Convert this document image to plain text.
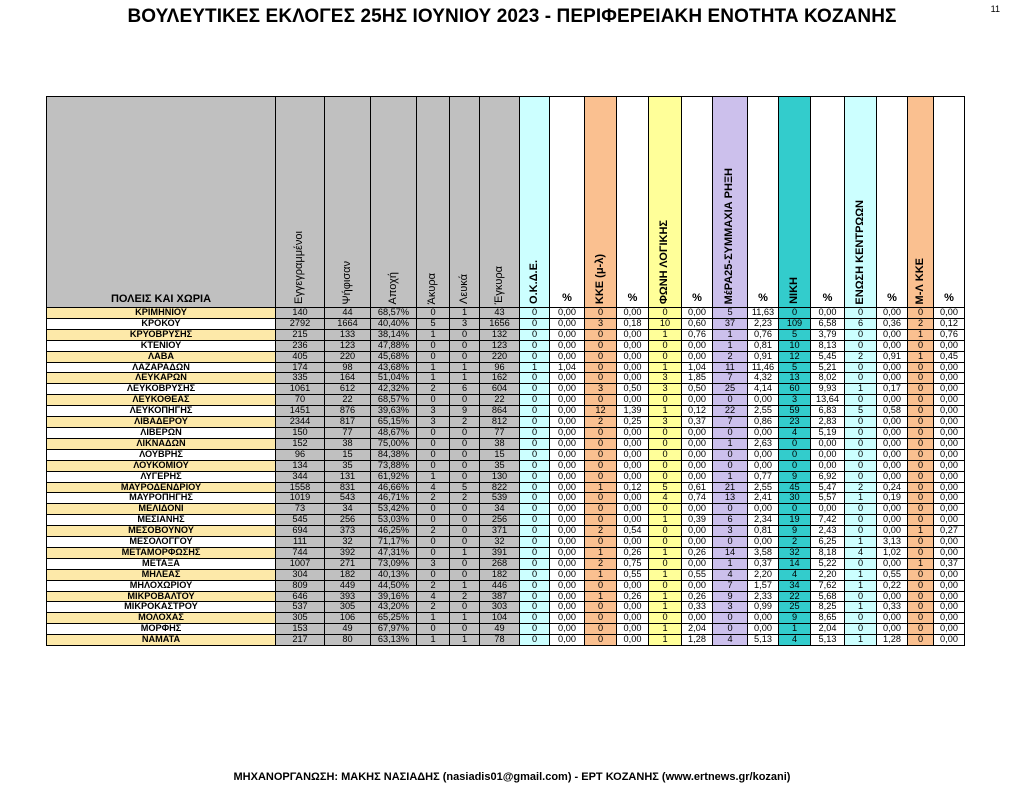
ΒΟΥΛΕΥΤΙΚΕΣ ΕΚΛΟΓΕΣ 25ΗΣ ΙΟΥΝΙΟΥ 2023 - ΠΕΡΙΦΕΡΕΙΑΚΗ ΕΝΟΤΗΤΑ ΚΟΖΑΝΗΣ	11
ΠΟΛΕΙΣ ΚΑΙ ΧΩΡΙΑ	Εγγεγραμμένοι	Ψήφισαν	Αποχή	Άκυρα	Λευκά	Έγκυρα	Ο.Κ.Δ.Ε.	%	ΚΚΕ (μ-λ)	%	ΦΩΝΗ ΛΟΓΙΚΗΣ	%	ΜέΡΑ25-ΣΥΜΜΑΧΙΑ ΡΗΞΗ	%	ΝΙΚΗ	%	ΕΝΩΣΗ ΚΕΝΤΡΩΩΝ	%	Μ-Λ ΚΚΕ	%
ΚΡΙΜΗΝΙΟΥ	140	44	68,57%	0	1	43	0	0,00	0	0,00	0	0,00	5	11,63	0	0,00	0	0,00	0	0,00
ΚΡΟΚΟΥ	2792	1664	40,40%	5	3	1656	0	0,00	3	0,18	10	0,60	37	2,23	109	6,58	6	0,36	2	0,12
ΚΡΥΟΒΡΥΣΗΣ	215	133	38,14%	1	0	132	0	0,00	0	0,00	1	0,76	1	0,76	5	3,79	0	0,00	1	0,76
ΚΤΕΝΙΟΥ	236	123	47,88%	0	0	123	0	0,00	0	0,00	0	0,00	1	0,81	10	8,13	0	0,00	0	0,00
ΛΑΒΑ	405	220	45,68%	0	0	220	0	0,00	0	0,00	0	0,00	2	0,91	12	5,45	2	0,91	1	0,45
ΛΑΖΑΡΑΔΩΝ	174	98	43,68%	1	1	96	1	1,04	0	0,00	1	1,04	11	11,46	5	5,21	0	0,00	0	0,00
ΛΕΥΚΑΡΩΝ	335	164	51,04%	1	1	162	0	0,00	0	0,00	3	1,85	7	4,32	13	8,02	0	0,00	0	0,00
ΛΕΥΚΟΒΡΥΣΗΣ	1061	612	42,32%	2	6	604	0	0,00	3	0,50	3	0,50	25	4,14	60	9,93	1	0,17	0	0,00
ΛΕΥΚΟΘΕΑΣ	70	22	68,57%	0	0	22	0	0,00	0	0,00	0	0,00	0	0,00	3	13,64	0	0,00	0	0,00
ΛΕΥΚΟΠΗΓΗΣ	1451	876	39,63%	3	9	864	0	0,00	12	1,39	1	0,12	22	2,55	59	6,83	5	0,58	0	0,00
ΛΙΒΑΔΕΡΟΥ	2344	817	65,15%	3	2	812	0	0,00	2	0,25	3	0,37	7	0,86	23	2,83	0	0,00	0	0,00
ΛΙΒΕΡΩΝ	150	77	48,67%	0	0	77	0	0,00	0	0,00	0	0,00	0	0,00	4	5,19	0	0,00	0	0,00
ΛΙΚΝΑΔΩΝ	152	38	75,00%	0	0	38	0	0,00	0	0,00	0	0,00	1	2,63	0	0,00	0	0,00	0	0,00
ΛΟΥΒΡΗΣ	96	15	84,38%	0	0	15	0	0,00	0	0,00	0	0,00	0	0,00	0	0,00	0	0,00	0	0,00
ΛΟΥΚΟΜΙΟΥ	134	35	73,88%	0	0	35	0	0,00	0	0,00	0	0,00	0	0,00	0	0,00	0	0,00	0	0,00
ΛΥΓΕΡΗΣ	344	131	61,92%	1	0	130	0	0,00	0	0,00	0	0,00	1	0,77	9	6,92	0	0,00	0	0,00
ΜΑΥΡΟΔΕΝΔΡΙΟΥ	1558	831	46,66%	4	5	822	0	0,00	1	0,12	5	0,61	21	2,55	45	5,47	2	0,24	0	0,00
ΜΑΥΡΟΠΗΓΗΣ	1019	543	46,71%	2	2	539	0	0,00	0	0,00	4	0,74	13	2,41	30	5,57	1	0,19	0	0,00
ΜΕΛΙΔΟΝΙ	73	34	53,42%	0	0	34	0	0,00	0	0,00	0	0,00	0	0,00	0	0,00	0	0,00	0	0,00
ΜΕΣΙΑΝΗΣ	545	256	53,03%	0	0	256	0	0,00	0	0,00	1	0,39	6	2,34	19	7,42	0	0,00	0	0,00
ΜΕΣΟΒΟΥΝΟΥ	694	373	46,25%	2	0	371	0	0,00	2	0,54	0	0,00	3	0,81	9	2,43	0	0,00	1	0,27
ΜΕΣΟΛΟΓΓΟΥ	111	32	71,17%	0	0	32	0	0,00	0	0,00	0	0,00	0	0,00	2	6,25	1	3,13	0	0,00
ΜΕΤΑΜΟΡΦΩΣΗΣ	744	392	47,31%	0	1	391	0	0,00	1	0,26	1	0,26	14	3,58	32	8,18	4	1,02	0	0,00
ΜΕΤΑΞΑ	1007	271	73,09%	3	0	268	0	0,00	2	0,75	0	0,00	1	0,37	14	5,22	0	0,00	1	0,37
ΜΗΛΕΑΣ	304	182	40,13%	0	0	182	0	0,00	1	0,55	1	0,55	4	2,20	4	2,20	1	0,55	0	0,00
ΜΗΛΟΧΩΡΙΟΥ	809	449	44,50%	2	1	446	0	0,00	0	0,00	0	0,00	7	1,57	34	7,62	1	0,22	0	0,00
ΜΙΚΡΟΒΑΛΤΟΥ	646	393	39,16%	4	2	387	0	0,00	1	0,26	1	0,26	9	2,33	22	5,68	0	0,00	0	0,00
ΜΙΚΡΟΚΑΣΤΡΟΥ	537	305	43,20%	2	0	303	0	0,00	0	0,00	1	0,33	3	0,99	25	8,25	1	0,33	0	0,00
ΜΟΛΟΧΑΣ	305	106	65,25%	1	1	104	0	0,00	0	0,00	0	0,00	0	0,00	9	8,65	0	0,00	0	0,00
ΜΟΡΦΗΣ	153	49	67,97%	0	0	49	0	0,00	0	0,00	1	2,04	0	0,00	1	2,04	0	0,00	0	0,00
ΝΑΜΑΤΑ	217	80	63,13%	1	1	78	0	0,00	0	0,00	1	1,28	4	5,13	4	5,13	1	1,28	0	0,00
ΜΗΧΑΝΟΡΓΑΝΩΣΗ: ΜΑΚΗΣ ΝΑΣΙΑΔΗΣ (nasiadis01@gmail.com) - ΕΡΤ ΚΟΖΑΝΗΣ (www.ertnews.gr/kozani)
